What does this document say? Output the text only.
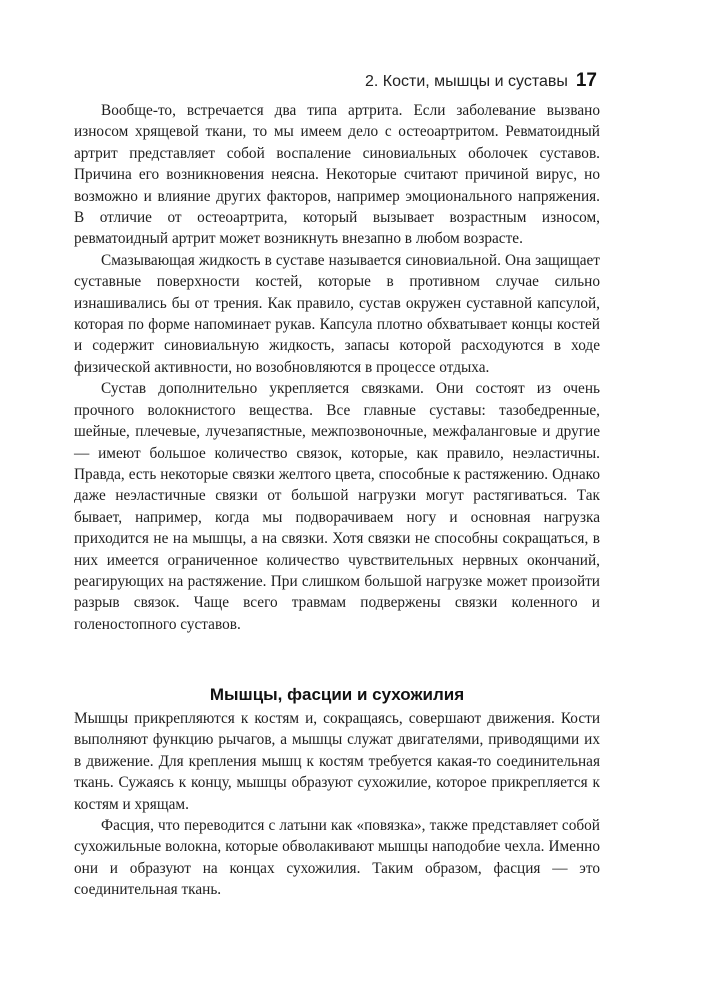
2. Кости, мышцы и суставы 17

Вообще-то, встречается два типа артрита. Если заболевание вызвано износом хрящевой ткани, то мы имеем дело с остеоартритом. Ревматоидный артрит представляет собой воспаление синовиальных оболочек суставов. Причина его возникновения неясна. Некоторые считают причиной вирус, но возможно и влияние других факторов, например эмоционального напряжения. В отличие от остеоартрита, который вызывает возрастным износом, ревматоидный артрит может возникнуть внезапно в любом возрасте.

Смазывающая жидкость в суставе называется синовиальной. Она защищает суставные поверхности костей, которые в противном случае сильно изнашивались бы от трения. Как правило, сустав окружен суставной капсулой, которая по форме напоминает рукав. Капсула плотно обхватывает концы костей и содержит синовиальную жидкость, запасы которой расходуются в ходе физической активности, но возобновляются в процессе отдыха.

Сустав дополнительно укрепляется связками. Они состоят из очень прочного волокнистого вещества. Все главные суставы: тазобедренные, шейные, плечевые, лучезапястные, межпозвоночные, межфаланговые и другие — имеют большое количество связок, которые, как правило, неэластичны. Правда, есть некоторые связки желтого цвета, способные к растяжению. Однако даже неэластичные связки от большой нагрузки могут растягиваться. Так бывает, например, когда мы подворачиваем ногу и основная нагрузка приходится не на мышцы, а на связки. Хотя связки не способны сокращаться, в них имеется ограниченное количество чувствительных нервных окончаний, реагирующих на растяжение. При слишком большой нагрузке может произойти разрыв связок. Чаще всего травмам подвержены связки коленного и голеностопного суставов.

Мышцы, фасции и сухожилия

Мышцы прикрепляются к костям и, сокращаясь, совершают движения. Кости выполняют функцию рычагов, а мышцы служат двигателями, приводящими их в движение. Для крепления мышц к костям требуется какая-то соединительная ткань. Сужаясь к концу, мышцы образуют сухожилие, которое прикрепляется к костям и хрящам.

Фасция, что переводится с латыни как «повязка», также представляет собой сухожильные волокна, которые обволакивают мышцы наподобие чехла. Именно они и образуют на концах сухожилия. Таким образом, фасция — это соединительная ткань.
